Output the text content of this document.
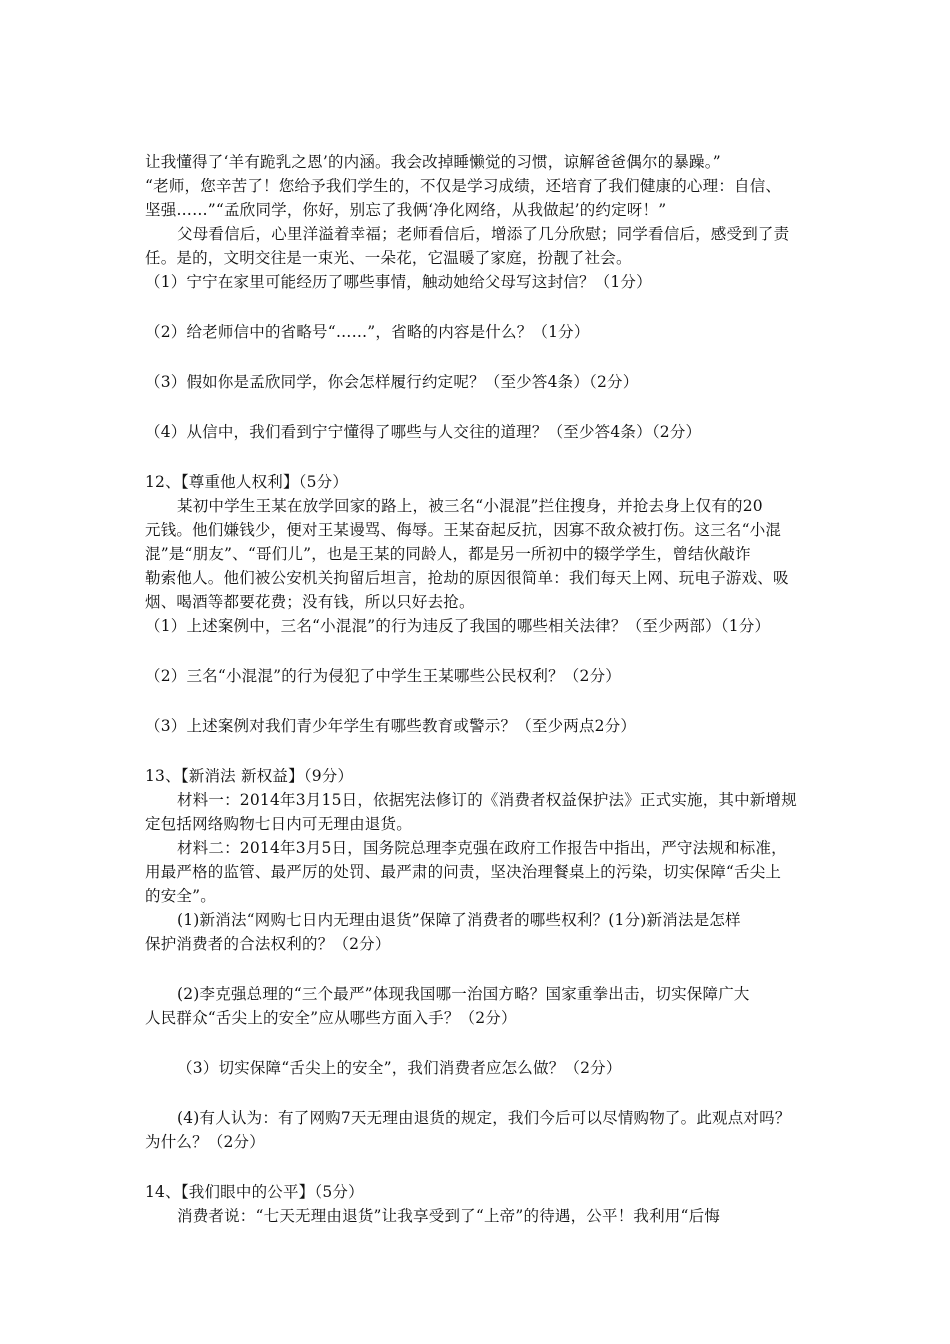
让我懂得了‘羊有跪乳之恩’的内涵。我会改掉睡懒觉的习惯，谅解爸爸偶尔的暴躁。”
“老师，您辛苦了！您给予我们学生的，不仅是学习成绩，还培育了我们健康的心理：自信、
坚强……”“孟欣同学，你好，别忘了我俩‘净化网络，从我做起’的约定呀！”
父母看信后，心里洋溢着幸福；老师看信后，增添了几分欣慰；同学看信后，感受到了责
任。是的，文明交往是一束光、一朵花，它温暖了家庭，扮靓了社会。
（1）宁宁在家里可能经历了哪些事情，触动她给父母写这封信？（1分）
（2）给老师信中的省略号“……”，省略的内容是什么？（1分）
（3）假如你是孟欣同学，你会怎样履行约定呢？（至少答4条）（2分）
（4）从信中，我们看到宁宁懂得了哪些与人交往的道理？（至少答4条）（2分）
12、【尊重他人权利】（5分）
某初中学生王某在放学回家的路上，被三名“小混混”拦住搜身，并抢去身上仅有的20
元钱。他们嫌钱少，便对王某谩骂、侮辱。王某奋起反抗，因寡不敌众被打伤。这三名“小混
混”是“朋友”、“哥们儿”，也是王某的同龄人，都是另一所初中的辍学学生，曾结伙敲诈
勒索他人。他们被公安机关拘留后坦言，抢劫的原因很简单：我们每天上网、玩电子游戏、吸
烟、喝酒等都要花费；没有钱，所以只好去抢。
（1）上述案例中，三名“小混混”的行为违反了我国的哪些相关法律？（至少两部）（1分）
（2）三名“小混混”的行为侵犯了中学生王某哪些公民权利？（2分）
（3）上述案例对我们青少年学生有哪些教育或警示？（至少两点2分）
13、【新消法 新权益】（9分）
材料一：2014年3月15日，依据宪法修订的《消费者权益保护法》正式实施，其中新增规
定包括网络购物七日内可无理由退货。
材料二：2014年3月5日，国务院总理李克强在政府工作报告中指出，严守法规和标准，
用最严格的监管、最严厉的处罚、最严肃的问责，坚决治理餐桌上的污染，切实保障“舌尖上
的安全”。
(1)新消法“网购七日内无理由退货”保障了消费者的哪些权利？(1分)新消法是怎样
保护消费者的合法权利的？（2分）
(2)李克强总理的“三个最严”体现我国哪一治国方略？国家重拳出击，切实保障广大
人民群众“舌尖上的安全”应从哪些方面入手？（2分）
（3）切实保障“舌尖上的安全”，我们消费者应怎么做？（2分）
(4)有人认为：有了网购7天无理由退货的规定，我们今后可以尽情购物了。此观点对吗？
为什么？（2分）
14、【我们眼中的公平】（5分）
消费者说：“七天无理由退货”让我享受到了“上帝”的待遇，公平！我利用“后悔
